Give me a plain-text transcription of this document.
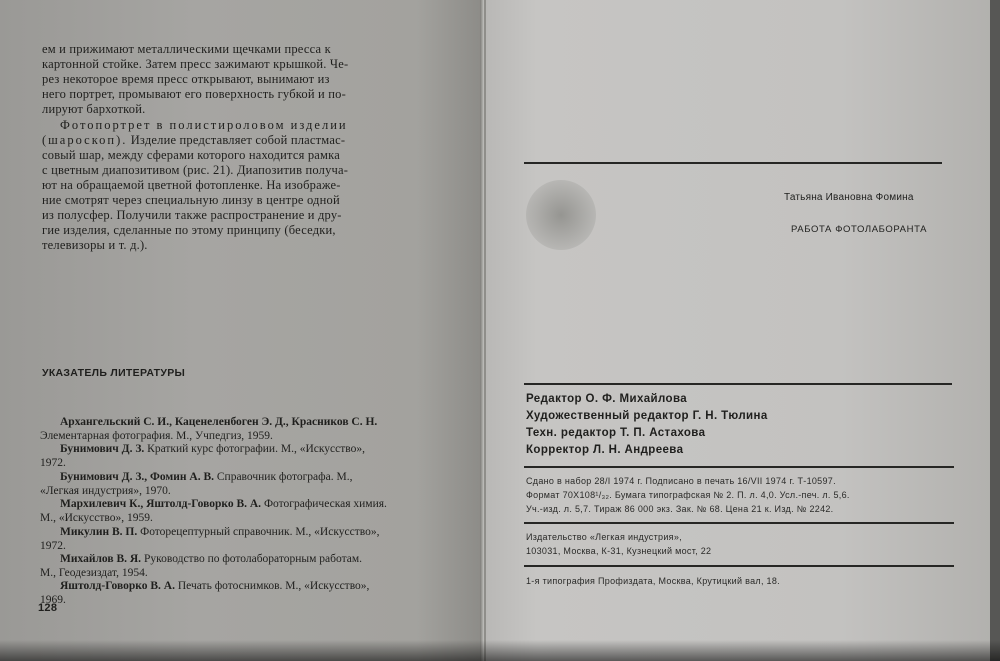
ем и прижимают металлическими щечками пресса к
картонной стойке. Затем пресс зажимают крышкой. Че-
рез некоторое время пресс открывают, вынимают из
него портрет, промывают его поверхность губкой и по-
лируют бархоткой.
Фотопортрет в полистироловом изделии
(шароскоп). Изделие представляет собой пластмас-
совый шар, между сферами которого находится рамка
с цветным диапозитивом (рис. 21). Диапозитив получа-
ют на обращаемой цветной фотопленке. На изображе-
ние смотрят через специальную линзу в центре одной
из полусфер. Получили также распространение и дру-
гие изделия, сделанные по этому принципу (беседки,
телевизоры и т. д.).
УКАЗАТЕЛЬ ЛИТЕРАТУРЫ
Архангельский С. И., Каценеленбоген Э. Д., Красников С. Н.
Элементарная фотография. М., Учпедгиз, 1959.
Бунимович Д. З. Краткий курс фотографии. М., «Искусство»,
1972.
Бунимович Д. З., Фомин А. В. Справочник фотографа. М.,
«Легкая индустрия», 1970.
Мархилевич К., Яштолд-Говорко В. А. Фотографическая химия.
М., «Искусство», 1959.
Микулин В. П. Фоторецептурный справочник. М., «Искусство»,
1972.
Михайлов В. Я. Руководство по фотолабораторным работам.
М., Геодезиздат, 1954.
Яштолд-Говорко В. А. Печать фотоснимков. М., «Искусство»,
1969.
128
Татьяна Ивановна Фомина
РАБОТА ФОТОЛАБОРАНТА
Редактор О. Ф. Михайлова
Художественный редактор Г. Н. Тюлина
Техн. редактор Т. П. Астахова
Корректор Л. Н. Андреева
Сдано в набор 28/I 1974 г. Подписано в печать 16/VII 1974 г. Т-10597.
Формат 70Х108¹/₃₂. Бумага типографская № 2. П. л. 4,0. Усл.-печ. л. 5,6.
Уч.-изд. л. 5,7. Тираж 86 000 экз. Зак. № 68. Цена 21 к. Изд. № 2242.
Издательство «Легкая индустрия»,
103031, Москва, К-31, Кузнецкий мост, 22
1-я типография Профиздата, Москва, Крутицкий вал, 18.
